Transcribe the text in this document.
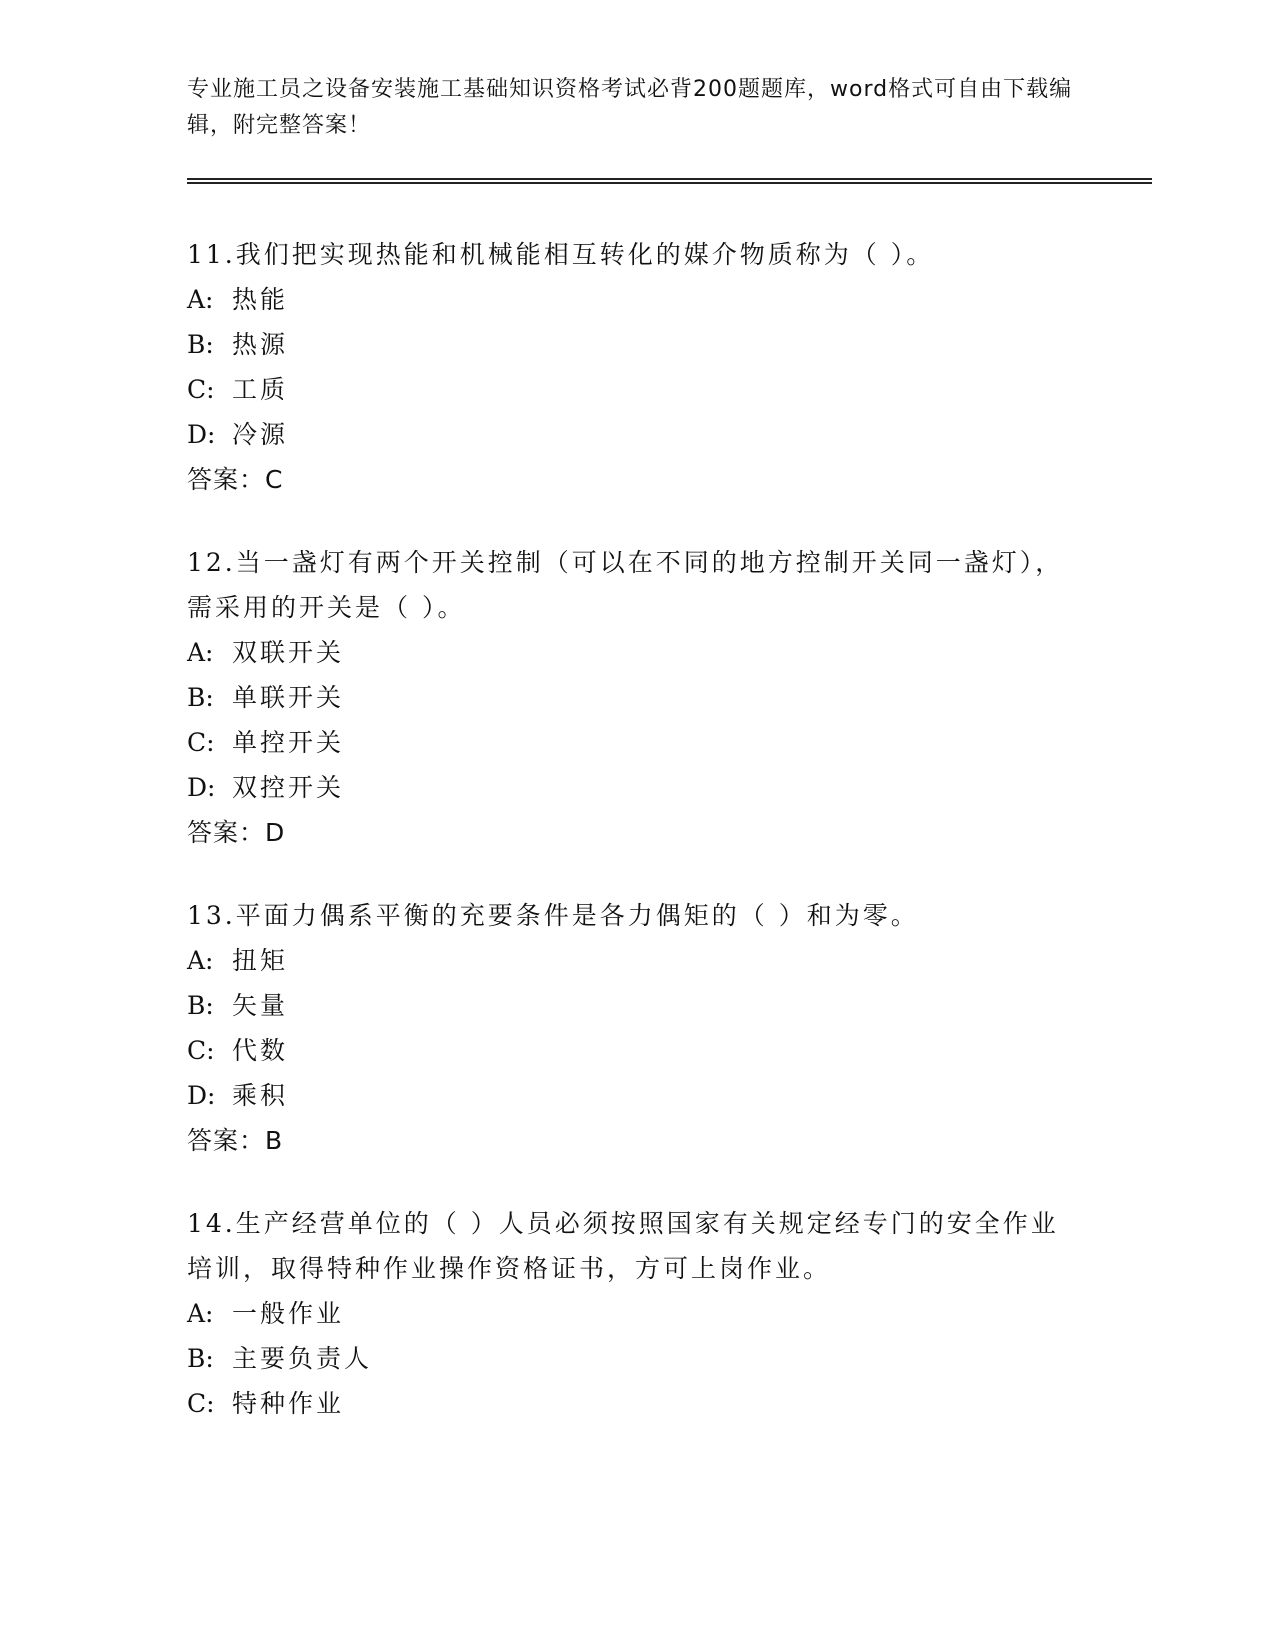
专业施工员之设备安装施工基础知识资格考试必背200题题库，word格式可自由下载编辑，附完整答案！

11.我们把实现热能和机械能相互转化的媒介物质称为（ ）。

A: 热能

B: 热源

C: 工质

D: 冷源

答案：C

12.当一盏灯有两个开关控制（可以在不同的地方控制开关同一盏灯），需采用的开关是（ ）。

A: 双联开关

B: 单联开关

C: 单控开关

D: 双控开关

答案：D

13.平面力偶系平衡的充要条件是各力偶矩的（ ）和为零。

A: 扭矩

B: 矢量

C: 代数

D: 乘积

答案：B

14.生产经营单位的（ ）人员必须按照国家有关规定经专门的安全作业培训，取得特种作业操作资格证书，方可上岗作业。

A: 一般作业

B: 主要负责人

C: 特种作业
